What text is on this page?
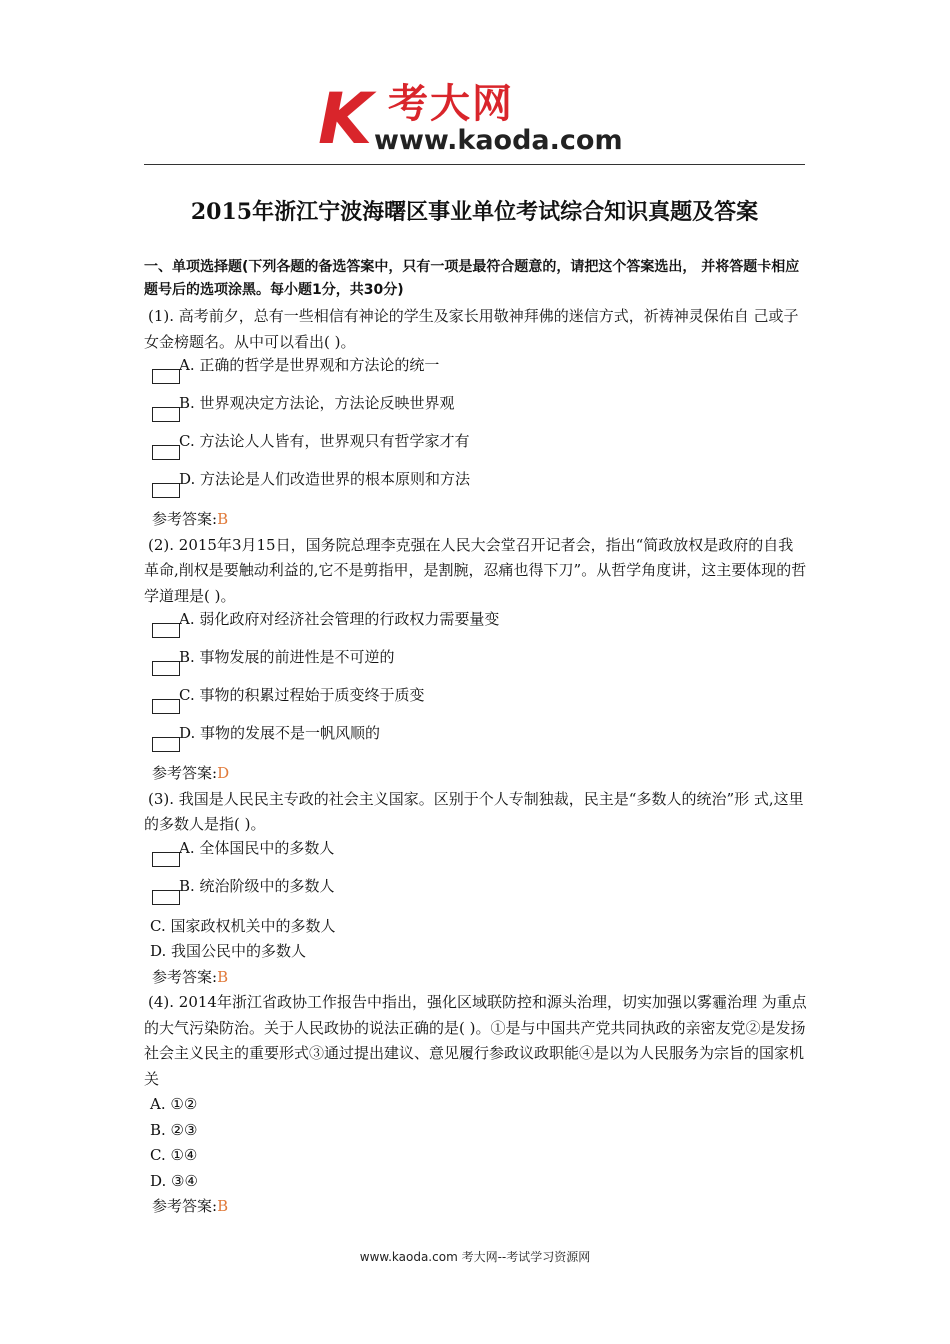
K 考大网
www.kaoda.com
2015年浙江宁波海曙区事业单位考试综合知识真题及答案
一、单项选择题(下列各题的备选答案中，只有一项是最符合题意的，请把这个答案选出， 并将答题卡相应题号后的选项涂黑。每小题1分，共30分)
(1). 高考前夕，总有一些相信有神论的学生及家长用敬神拜佛的迷信方式，祈祷神灵保佑自 己或子女金榜题名。从中可以看出( )。
A. 正确的哲学是世界观和方法论的统一
B. 世界观决定方法论，方法论反映世界观
C. 方法论人人皆有，世界观只有哲学家才有
D. 方法论是人们改造世界的根本原则和方法
参考答案:B
(2). 2015年3月15日，国务院总理李克强在人民大会堂召开记者会，指出“简政放权是政府的自我革命,削权是要触动利益的,它不是剪指甲，是割腕，忍痛也得下刀”。从哲学角度讲，这主要体现的哲学道理是( )。
A. 弱化政府对经济社会管理的行政权力需要量变
B. 事物发展的前进性是不可逆的
C. 事物的积累过程始于质变终于质变
D. 事物的发展不是一帆风顺的
参考答案:D
(3). 我国是人民民主专政的社会主义国家。区别于个人专制独裁，民主是“多数人的统治”形 式,这里的多数人是指( )。
A. 全体国民中的多数人
B. 统治阶级中的多数人
C. 国家政权机关中的多数人
D. 我国公民中的多数人
参考答案:B
(4). 2014年浙江省政协工作报告中指出，强化区域联防控和源头治理，切实加强以雾霾治理 为重点的大气污染防治。关于人民政协的说法正确的是( )。①是与中国共产党共同执政的亲密友党②是发扬社会主义民主的重要形式③通过提出建议、意见履行参政议政职能④是以为人民服务为宗旨的国家机关
A. ①②
B. ②③
C. ①④
D. ③④
参考答案:B
www.kaoda.com 考大网--考试学习资源网
